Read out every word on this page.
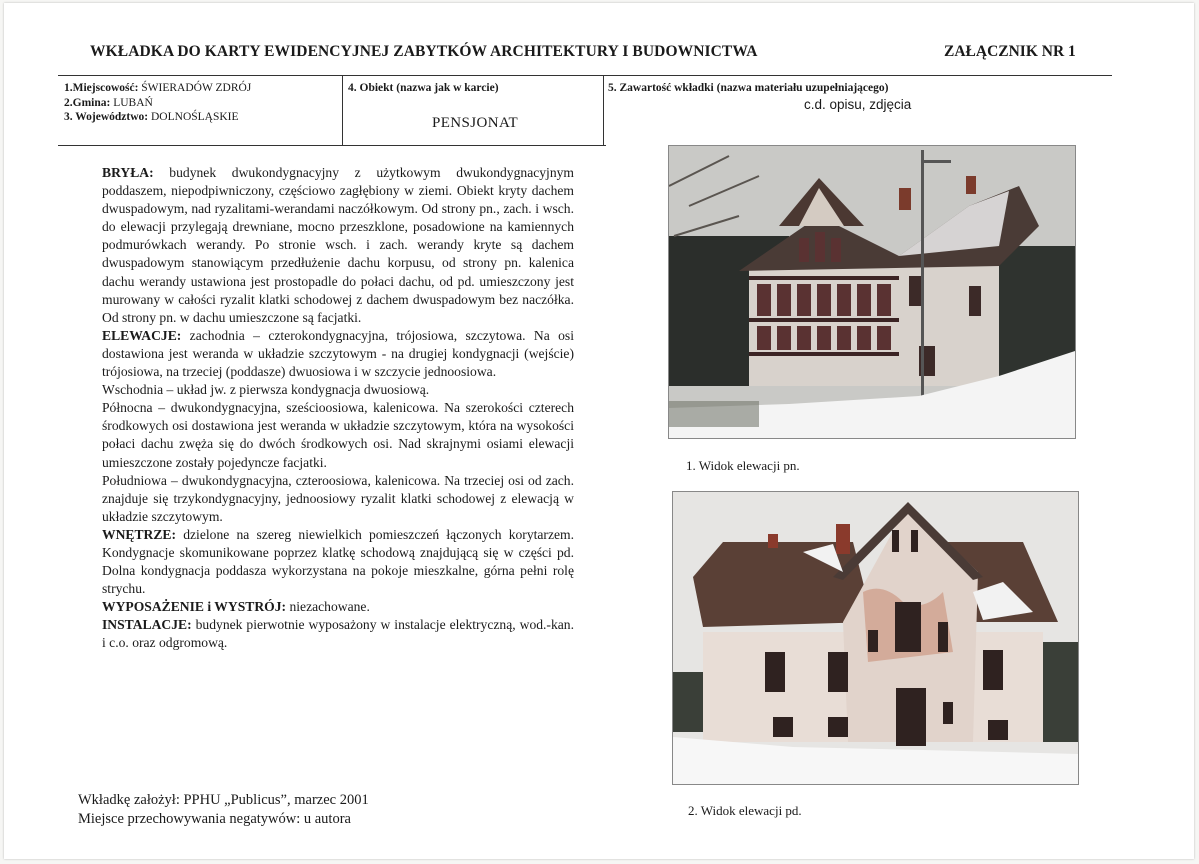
WKŁADKA DO KARTY EWIDENCYJNEJ ZABYTKÓW ARCHITEKTURY I BUDOWNICTWA	ZAŁĄCZNIK NR 1
1.Miejscowość: ŚWIERADÓW ZDRÓJ
2.Gmina: LUBAŃ
3. Województwo: DOLNOŚLĄSKIE
4. Obiekt (nazwa jak w karcie)
PENSJONAT
5. Zawartość wkładki (nazwa materiału uzupełniającego)
c.d. opisu, zdjęcia

BRYŁA: budynek dwukondygnacyjny z użytkowym dwukondygnacyjnym poddaszem, niepodpiwniczony, częściowo zagłębiony w ziemi. Obiekt kryty dachem dwuspadowym, nad ryzalitami-werandami naczółkowym. Od strony pn., zach. i wsch. do elewacji przylegają drewniane, mocno przeszklone, posadowione na kamiennych podmurówkach werandy. Po stronie wsch. i zach. werandy kryte są dachem dwuspadowym stanowiącym przedłużenie dachu korpusu, od strony pn. kalenica dachu werandy ustawiona jest prostopadle do połaci dachu, od pd. umieszczony jest murowany w całości ryzalit klatki schodowej z dachem dwuspadowym bez naczółka. Od strony pn. w dachu umieszczone są facjatki.

ELEWACJE: zachodnia – czterokondygnacyjna, trójosiowa, szczytowa. Na osi dostawiona jest weranda w układzie szczytowym - na drugiej kondygnacji (wejście) trójosiowa, na trzeciej (poddasze) dwuosiowa i w szczycie jednoosiowa.

Wschodnia – układ jw. z pierwsza kondygnacja dwuosiową.

Północna – dwukondygnacyjna, sześcioosiowa, kalenicowa. Na szerokości czterech środkowych osi dostawiona jest weranda w układzie szczytowym, która na wysokości połaci dachu zwęża się do dwóch środkowych osi. Nad skrajnymi osiami elewacji umieszczone zostały pojedyncze facjatki.

Południowa – dwukondygnacyjna, czteroosiowa, kalenicowa. Na trzeciej osi od zach. znajduje się trzykondygnacyjny, jednoosiowy ryzalit klatki schodowej z elewacją w układzie szczytowym.

WNĘTRZE: dzielone na szereg niewielkich pomieszczeń łączonych korytarzem. Kondygnacje skomunikowane poprzez klatkę schodową znajdującą się w części pd. Dolna kondygnacja poddasza wykorzystana na pokoje mieszkalne, górna pełni rolę strychu.

WYPOSAŻENIE i WYSTRÓJ: niezachowane.

INSTALACJE: budynek pierwotnie wyposażony w instalacje elektryczną, wod.-kan. i c.o. oraz odgromową.

1. Widok elewacji pn.
2. Widok elewacji pd.
Wkładkę założył: PPHU „Publicus”, marzec 2001
Miejsce przechowywania negatywów: u autora
